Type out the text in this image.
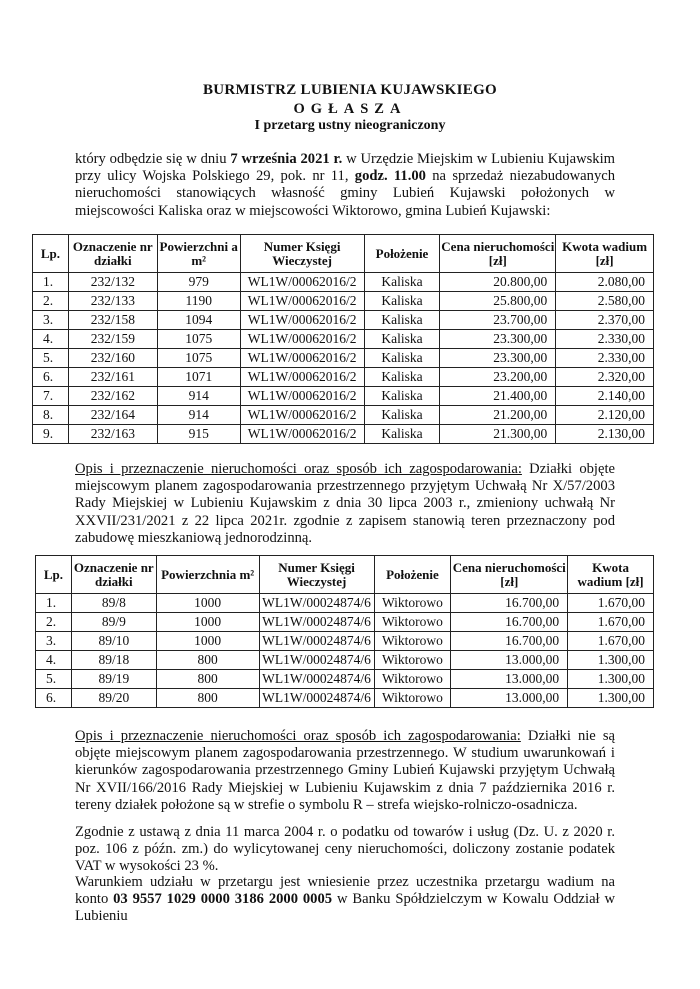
BURMISTRZ LUBIENIA KUJAWSKIEGO
OGŁASZA
I przetarg ustny nieograniczony
który odbędzie się w dniu 7 września 2021 r. w Urzędzie Miejskim w Lubieniu Kujawskim przy ulicy Wojska Polskiego 29, pok. nr 11, godz. 11.00 na sprzedaż niezabudowanych nieruchomości stanowiących własność gminy Lubień Kujawski położonych w miejscowości Kaliska oraz w miejscowości Wiktorowo, gmina Lubień Kujawski:
Lp.	Oznaczenie nr działki	Powierzchni a m²	Numer Księgi Wieczystej	Położenie	Cena nieruchomości [zł]	Kwota wadium [zł]
1.	232/132	979	WL1W/00062016/2	Kaliska	20.800,00	2.080,00
2.	232/133	1190	WL1W/00062016/2	Kaliska	25.800,00	2.580,00
3.	232/158	1094	WL1W/00062016/2	Kaliska	23.700,00	2.370,00
4.	232/159	1075	WL1W/00062016/2	Kaliska	23.300,00	2.330,00
5.	232/160	1075	WL1W/00062016/2	Kaliska	23.300,00	2.330,00
6.	232/161	1071	WL1W/00062016/2	Kaliska	23.200,00	2.320,00
7.	232/162	914	WL1W/00062016/2	Kaliska	21.400,00	2.140,00
8.	232/164	914	WL1W/00062016/2	Kaliska	21.200,00	2.120,00
9.	232/163	915	WL1W/00062016/2	Kaliska	21.300,00	2.130,00
Opis i przeznaczenie nieruchomości oraz sposób ich zagospodarowania: Działki objęte miejscowym planem zagospodarowania przestrzennego przyjętym Uchwałą Nr X/57/2003 Rady Miejskiej w Lubieniu Kujawskim z dnia 30 lipca 2003 r., zmieniony uchwałą Nr XXVII/231/2021 z 22 lipca 2021r. zgodnie z zapisem stanowią teren przeznaczony pod zabudowę mieszkaniową jednorodzinną.
Lp.	Oznaczenie nr działki	Powierzchnia m²	Numer Księgi Wieczystej	Położenie	Cena nieruchomości [zł]	Kwota wadium [zł]
1.	89/8	1000	WL1W/00024874/6	Wiktorowo	16.700,00	1.670,00
2.	89/9	1000	WL1W/00024874/6	Wiktorowo	16.700,00	1.670,00
3.	89/10	1000	WL1W/00024874/6	Wiktorowo	16.700,00	1.670,00
4.	89/18	800	WL1W/00024874/6	Wiktorowo	13.000,00	1.300,00
5.	89/19	800	WL1W/00024874/6	Wiktorowo	13.000,00	1.300,00
6.	89/20	800	WL1W/00024874/6	Wiktorowo	13.000,00	1.300,00
Opis i przeznaczenie nieruchomości oraz sposób ich zagospodarowania: Działki nie są objęte miejscowym planem zagospodarowania przestrzennego. W studium uwarunkowań i kierunków zagospodarowania przestrzennego Gminy Lubień Kujawski przyjętym Uchwałą Nr XVII/166/2016 Rady Miejskiej w Lubieniu Kujawskim z dnia 7 października 2016 r. tereny działek położone są w strefie o symbolu R – strefa wiejsko-rolniczo-osadnicza.
Zgodnie z ustawą z dnia 11 marca 2004 r. o podatku od towarów i usług (Dz. U. z 2020 r. poz. 106 z późn. zm.) do wylicytowanej ceny nieruchomości, doliczony zostanie podatek VAT w wysokości 23 %.
Warunkiem udziału w przetargu jest wniesienie przez uczestnika przetargu wadium na konto 03 9557 1029 0000 3186 2000 0005 w Banku Spółdzielczym w Kowalu Oddział w Lubieniu
